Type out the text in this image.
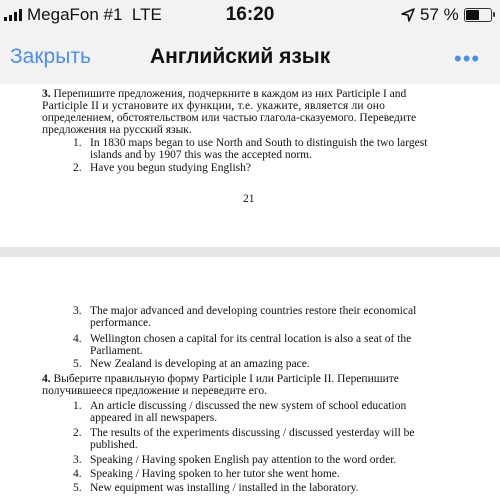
MegaFon #1 LTE	16:20	57 %
Закрыть	Английский язык	•••
3. Перепишите предложения, подчеркните в каждом из них Participle I and
Participle II и установите их функции, т.е. укажите, является ли оно
определением, обстоятельством или частью глагола-сказуемого. Переведите
предложения на русский язык.
1. In 1830 maps began to use North and South to distinguish the two largest
islands and by 1907 this was the accepted norm.
2. Have you begun studying English?
21
3. The major advanced and developing countries restore their economical
performance.
4. Wellington chosen a capital for its central location is also a seat of the
Parliament.
5. New Zealand is developing at an amazing pace.
4. Выберите правильную форму Participle I или Participle II. Перепишите
получившееся предложение и переведите его.
1. An article discussing / discussed the new system of school education
appeared in all newspapers.
2. The results of the experiments discussing / discussed yesterday will be
published.
3. Speaking / Having spoken English pay attention to the word order.
4. Speaking / Having spoken to her tutor she went home.
5. New equipment was installing / installed in the laboratory.
